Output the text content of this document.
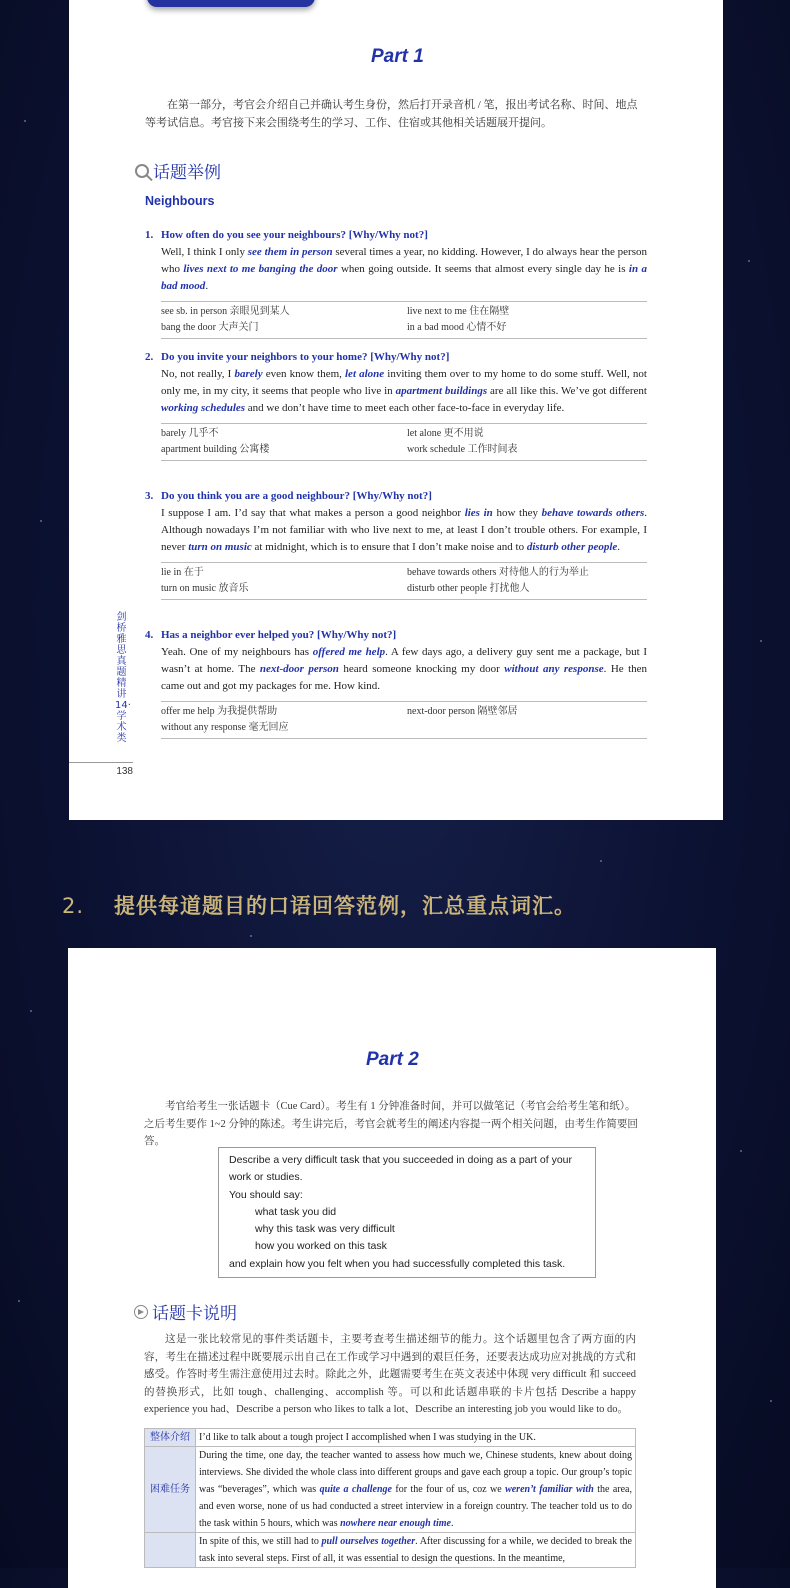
Part 1
在第一部分，考官会介绍自己并确认考生身份，然后打开录音机 / 笔，报出考试名称、时间、地点等考试信息。考官接下来会围绕考生的学习、工作、住宿或其他相关话题展开提问。
话题举例
Neighbours
1. How often do you see your neighbours? [Why/Why not?]
Well, I think I only see them in person several times a year, no kidding. However, I do always hear the person who lives next to me banging the door when going outside. It seems that almost every single day he is in a bad mood.
see sb. in person 亲眼见到某人	live next to me 住在隔壁
bang the door 大声关门	in a bad mood 心情不好
2. Do you invite your neighbors to your home? [Why/Why not?]
No, not really, I barely even know them, let alone inviting them over to my home to do some stuff. Well, not only me, in my city, it seems that people who live in apartment buildings are all like this. We’ve got different working schedules and we don’t have time to meet each other face-to-face in everyday life.
barely 几乎不	let alone 更不用说
apartment building 公寓楼	work schedule 工作时间表
3. Do you think you are a good neighbour? [Why/Why not?]
I suppose I am. I’d say that what makes a person a good neighbor lies in how they behave towards others. Although nowadays I’m not familiar with who live next to me, at least I don’t trouble others. For example, I never turn on music at midnight, which is to ensure that I don’t make noise and to disturb other people.
lie in 在于	behave towards others 对待他人的行为举止
turn on music 放音乐	disturb other people 打扰他人
4. Has a neighbor ever helped you? [Why/Why not?]
Yeah. One of my neighbours has offered me help. A few days ago, a delivery guy sent me a package, but I wasn’t at home. The next-door person heard someone knocking my door without any response. He then came out and got my packages for me. How kind.
offer me help 为我提供帮助	next-door person 隔壁邻居
without any response 毫无回应
剑桥雅思真题精讲14·学术类
138
2. 提供每道题目的口语回答范例，汇总重点词汇。
Part 2
考官给考生一张话题卡（Cue Card）。考生有 1 分钟准备时间，并可以做笔记（考官会给考生笔和纸）。之后考生要作 1~2 分钟的陈述。考生讲完后，考官会就考生的阐述内容提一两个相关问题，由考生作简要回答。
Describe a very difficult task that you succeeded in doing as a part of your
work or studies.
You should say:
what task you did
why this task was very difficult
how you worked on this task
and explain how you felt when you had successfully completed this task.
话题卡说明
这是一张比较常见的事件类话题卡，主要考查考生描述细节的能力。这个话题里包含了两方面的内容，考生在描述过程中既要展示出自己在工作或学习中遇到的艰巨任务，还要表达成功应对挑战的方式和感受。作答时考生需注意使用过去时。除此之外，此题需要考生在英文表述中体现 very difficult 和 succeed 的替换形式，比如 tough、challenging、accomplish 等。可以和此话题串联的卡片包括 Describe a happy experience you had、Describe a person who likes to talk a lot、Describe an interesting job you would like to do。
整体介绍	I’d like to talk about a tough project I accomplished when I was studying in the UK.
困难任务	During the time, one day, the teacher wanted to assess how much we, Chinese students, knew about doing interviews. She divided the whole class into different groups and gave each group a topic. Our group’s topic was “beverages”, which was quite a challenge for the four of us, coz we weren’t familiar with the area, and even worse, none of us had conducted a street interview in a foreign country. The teacher told us to do the task within 5 hours, which was nowhere near enough time.
	In spite of this, we still had to pull ourselves together. After discussing for a while, we decided to break the task into several steps. First of all, it was essential to design the questions. In the meantime,
